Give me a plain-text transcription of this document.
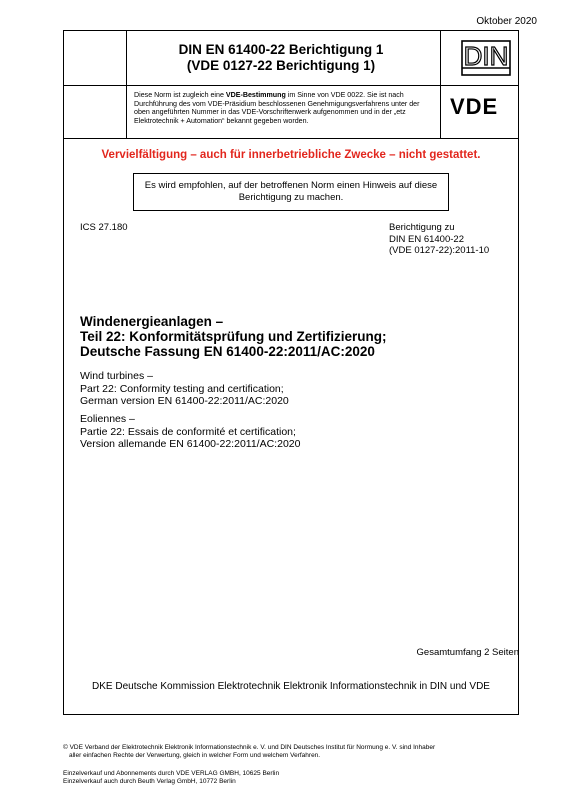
Oktober 2020
DIN EN 61400-22 Berichtigung 1
(VDE 0127-22 Berichtigung 1)	DIN
VDE
Diese Norm ist zugleich eine VDE-Bestimmung im Sinne von VDE 0022. Sie ist nach Durchführung des vom VDE-Präsidium beschlossenen Genehmigungsverfahrens unter der oben angeführten Nummer in das VDE-Vorschriftenwerk aufgenommen und in der „etz Elektrotechnik + Automation“ bekannt gegeben worden.
Vervielfältigung – auch für innerbetriebliche Zwecke – nicht gestattet.
Es wird empfohlen, auf der betroffenen Norm einen Hinweis auf diese Berichtigung zu machen.
ICS 27.180	Berichtigung zu
DIN EN 61400-22
(VDE 0127-22):2011-10
Windenergieanlagen –
Teil 22: Konformitätsprüfung und Zertifizierung;
Deutsche Fassung EN 61400-22:2011/AC:2020
Wind turbines –
Part 22: Conformity testing and certification;
German version EN 61400-22:2011/AC:2020
Eoliennes –
Partie 22: Essais de conformité et certification;
Version allemande EN 61400-22:2011/AC:2020
Gesamtumfang 2 Seiten
DKE Deutsche Kommission Elektrotechnik Elektronik Informationstechnik in DIN und VDE
© VDE Verband der Elektrotechnik Elektronik Informationstechnik e. V. und DIN Deutsches Institut für Normung e. V. sind Inhaber
aller einfachen Rechte der Verwertung, gleich in welcher Form und welchem Verfahren.
Einzelverkauf und Abonnements durch VDE VERLAG GMBH, 10625 Berlin
Einzelverkauf auch durch Beuth Verlag GmbH, 10772 Berlin
